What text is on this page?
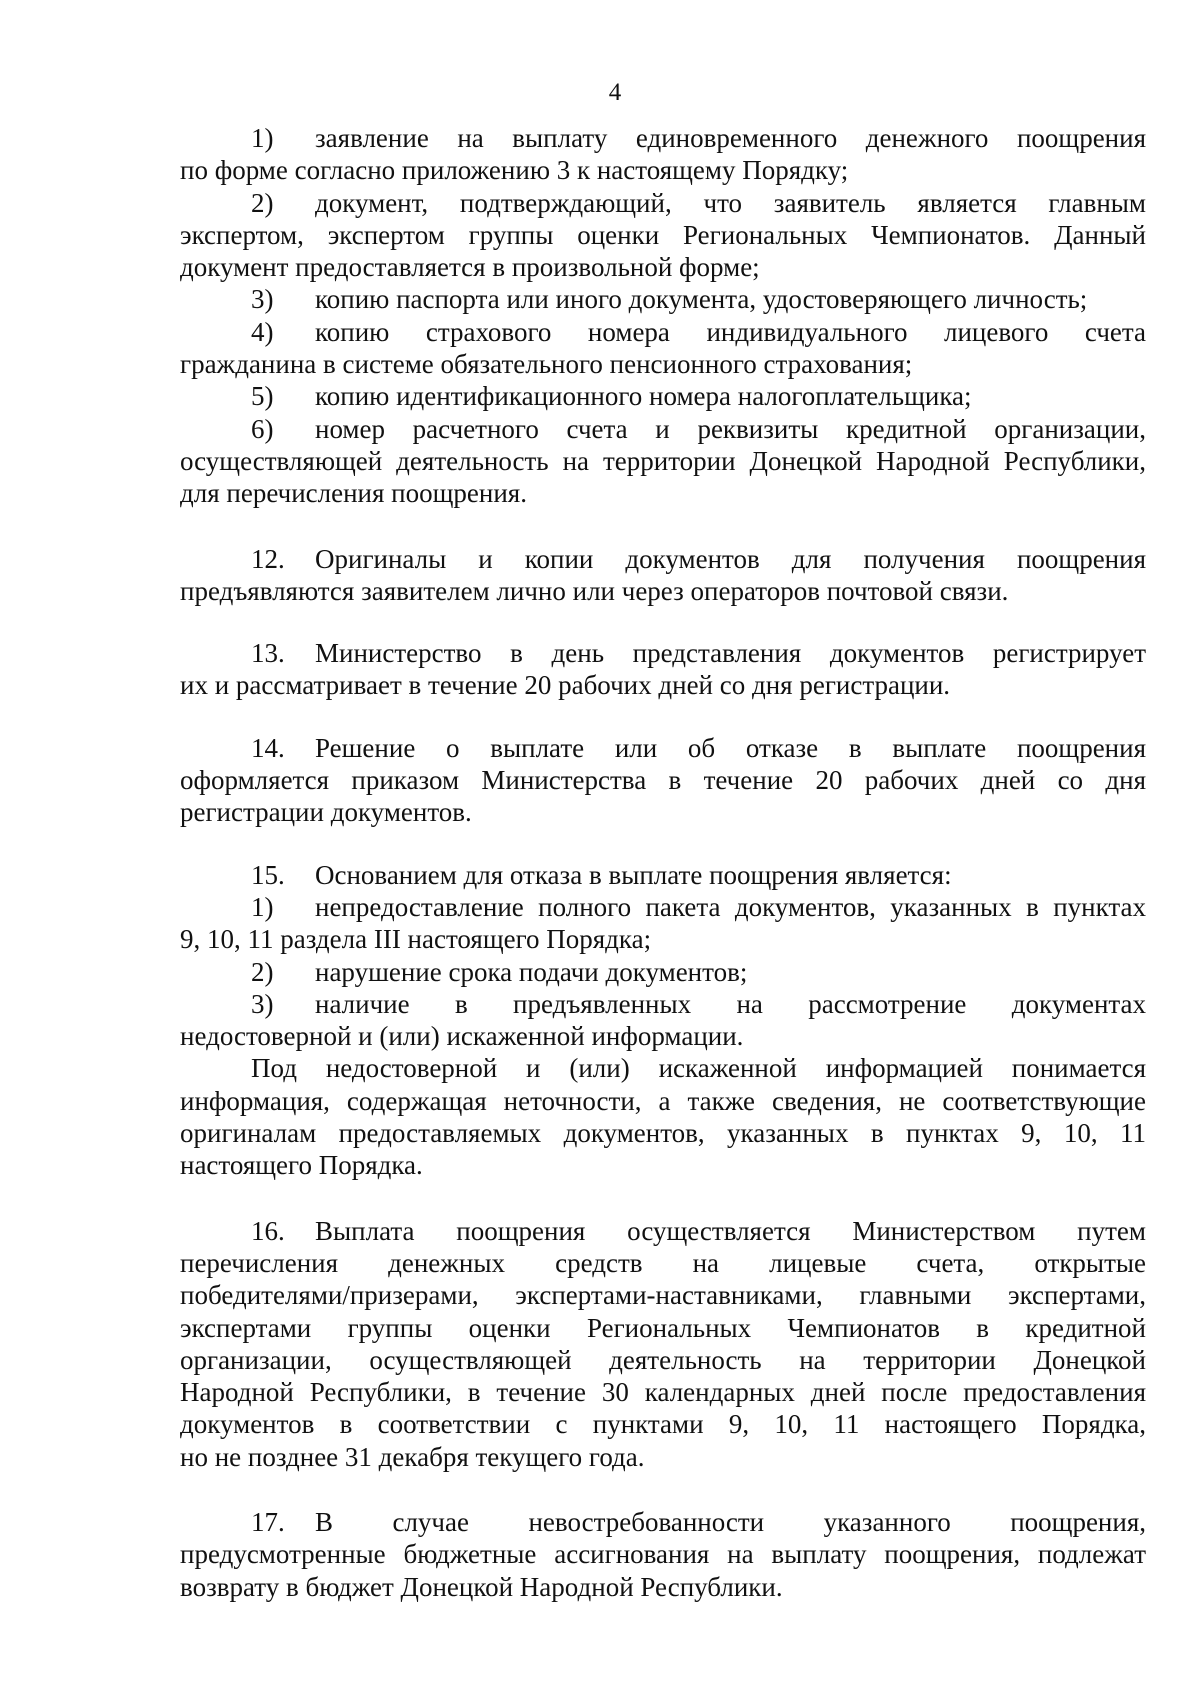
4

1) заявление на выплату единовременного денежного поощрения

по форме согласно приложению 3 к настоящему Порядку;

2) документ, подтверждающий, что заявитель является главным

экспертом, экспертом группы оценки Региональных Чемпионатов. Данный

документ предоставляется в произвольной форме;

3) копию паспорта или иного документа, удостоверяющего личность;

4) копию страхового номера индивидуального лицевого счета

гражданина в системе обязательного пенсионного страхования;

5) копию идентификационного номера налогоплательщика;

6) номер расчетного счета и реквизиты кредитной организации,

осуществляющей деятельность на территории Донецкой Народной Республики,

для перечисления поощрения.

12. Оригиналы и копии документов для получения поощрения

предъявляются заявителем лично или через операторов почтовой связи.

13. Министерство в день представления документов регистрирует

их и рассматривает в течение 20 рабочих дней со дня регистрации.

14. Решение о выплате или об отказе в выплате поощрения

оформляется приказом Министерства в течение 20 рабочих дней со дня

регистрации документов.

15. Основанием для отказа в выплате поощрения является:

1) непредоставление полного пакета документов, указанных в пунктах

9, 10, 11 раздела III настоящего Порядка;

2) нарушение срока подачи документов;

3) наличие в предъявленных на рассмотрение документах

недостоверной и (или) искаженной информации.

Под недостоверной и (или) искаженной информацией понимается

информация, содержащая неточности, а также сведения, не соответствующие

оригиналам предоставляемых документов, указанных в пунктах 9, 10, 11

настоящего Порядка.

16. Выплата поощрения осуществляется Министерством путем

перечисления денежных средств на лицевые счета, открытые

победителями/призерами, экспертами-наставниками, главными экспертами,

экспертами группы оценки Региональных Чемпионатов в кредитной

организации, осуществляющей деятельность на территории Донецкой

Народной Республики, в течение 30 календарных дней после предоставления

документов в соответствии с пунктами 9, 10, 11 настоящего Порядка,

но не позднее 31 декабря текущего года.

17. В случае невостребованности указанного поощрения,

предусмотренные бюджетные ассигнования на выплату поощрения, подлежат

возврату в бюджет Донецкой Народной Республики.
